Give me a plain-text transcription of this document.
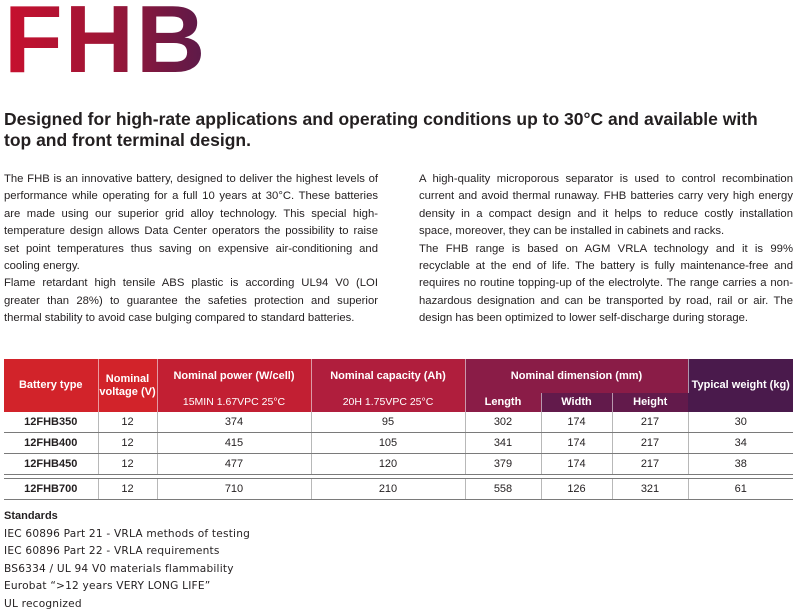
FHB
Designed for high-rate applications and operating conditions up to 30°C and available with top and front terminal design.

The FHB is an innovative battery, designed to deliver the highest levels of performance while operating for a full 10 years at 30°C. These batteries are made using our superior grid alloy technology. This special high-temperature design allows Data Center operators the possibility to raise set point temperatures thus saving on expensive air-conditioning and cooling energy.

Flame retardant high tensile ABS plastic is according UL94 V0 (LOI greater than 28%) to guarantee the safeties protection and superior thermal stability to avoid case bulging compared to standard batteries.

A high-quality microporous separator is used to control recombination current and avoid thermal runaway. FHB batteries carry very high energy density in a compact design and it helps to reduce costly installation space, moreover, they can be installed in cabinets and racks.

The FHB range is based on AGM VRLA technology and it is 99% recyclable at the end of life. The battery is fully maintenance-free and requires no routine topping-up of the electrolyte. The range carries a non-hazardous designation and can be transported by road, rail or air. The design has been optimized to lower self-discharge during storage.

Battery type	Nominal voltage (V)	Nominal power (W/cell)	Nominal capacity (Ah)	Nominal dimension (mm)			Typical weight (kg)
		15MIN 1.67VPC 25°C	20H 1.75VPC 25°C	Length	Width	Height	
12FHB350	12	374	95	302	174	217	30
12FHB400	12	415	105	341	174	217	34
12FHB450	12	477	120	379	174	217	38

12FHB700	12	710	210	558	126	321	61
Standards
IEC 60896 Part 21 - VRLA methods of testing
IEC 60896 Part 22 - VRLA requirements
BS6334 / UL 94 V0 materials flammability
Eurobat “>12 years VERY LONG LIFE”
UL recognized
